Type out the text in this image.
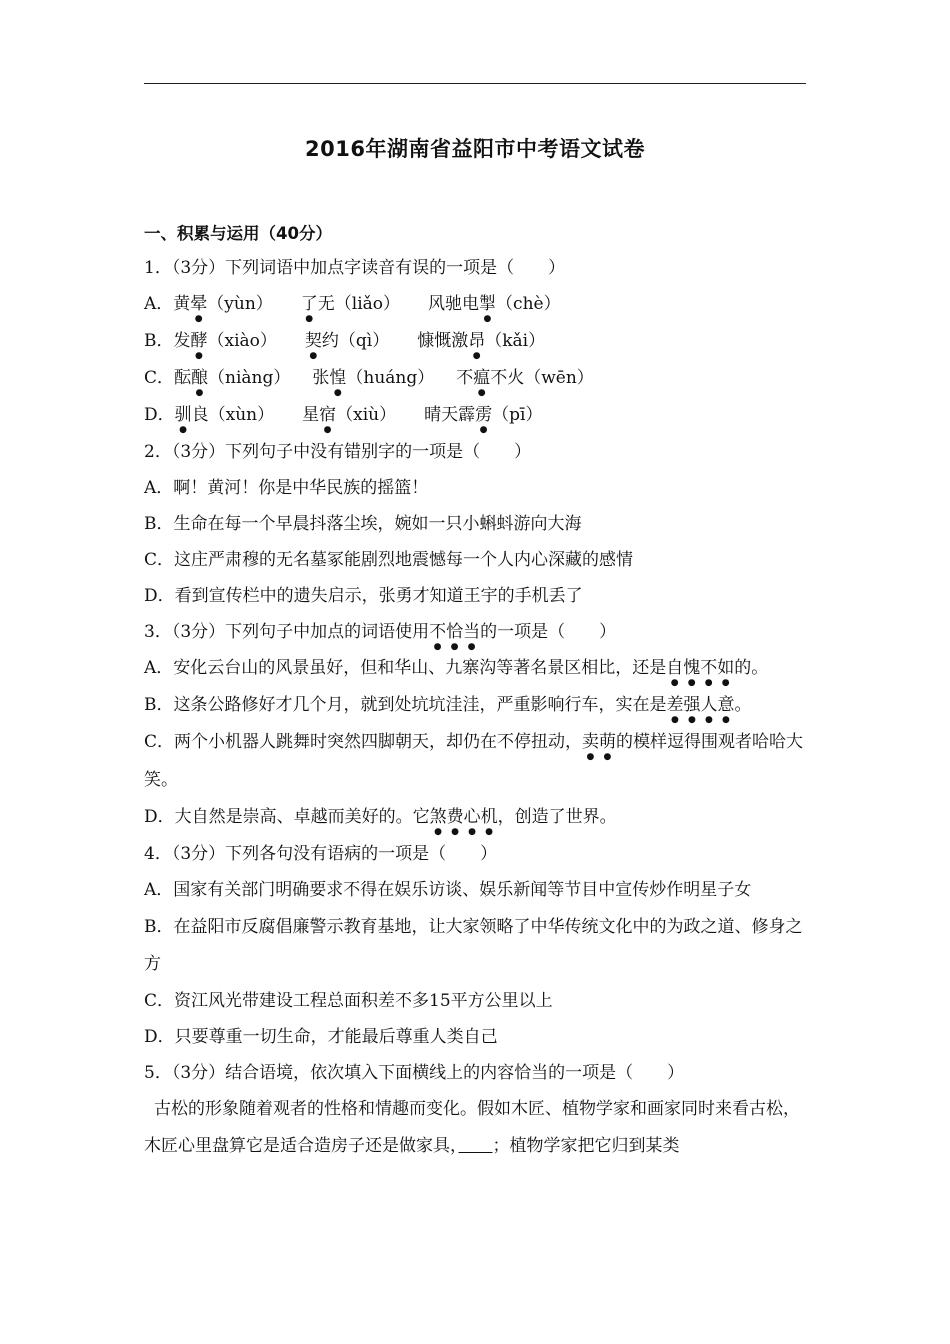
2016年湖南省益阳市中考语文试卷
一、积累与运用（40分）
1．（3分）下列词语中加点字读音有误的一项是（　　）
A．黄晕（yùn） 了无（liǎo） 风驰电掣（chè）
B．发酵（xiào） 契约（qì） 慷慨激昂（kǎi）
C．酝酿（niàng） 张惶（huáng） 不瘟不火（wēn）
D．驯良（xùn） 星宿（xiù） 晴天霹雳（pī）
2．（3分）下列句子中没有错别字的一项是（　　）
A．啊！黄河！你是中华民族的摇篮！
B．生命在每一个早晨抖落尘埃，婉如一只小蝌蚪游向大海
C．这庄严肃穆的无名墓冢能剧烈地震憾每一个人内心深藏的感情
D．看到宣传栏中的遗失启示，张勇才知道王宇的手机丢了
3．（3分）下列句子中加点的词语使用不恰当的一项是（　　）
A．安化云台山的风景虽好，但和华山、九寨沟等著名景区相比，还是自愧不如的。
B．这条公路修好才几个月，就到处坑坑洼洼，严重影响行车，实在是差强人意。
C．两个小机器人跳舞时突然四脚朝天，却仍在不停扭动，卖萌的模样逗得围观者哈哈大笑。
D．大自然是崇高、卓越而美好的。它煞费心机，创造了世界。
4．（3分）下列各句没有语病的一项是（　　）
A．国家有关部门明确要求不得在娱乐访谈、娱乐新闻等节目中宣传炒作明星子女
B．在益阳市反腐倡廉警示教育基地，让大家领略了中华传统文化中的为政之道、修身之方
C．资江风光带建设工程总面积差不多15平方公里以上
D．只要尊重一切生命，才能最后尊重人类自己
5．（3分）结合语境，依次填入下面横线上的内容恰当的一项是（　　）
古松的形象随着观者的性格和情趣而变化。假如木匠、植物学家和画家同时来看古松，木匠心里盘算它是适合造房子还是做家具，　　 ；植物学家把它归到某类
